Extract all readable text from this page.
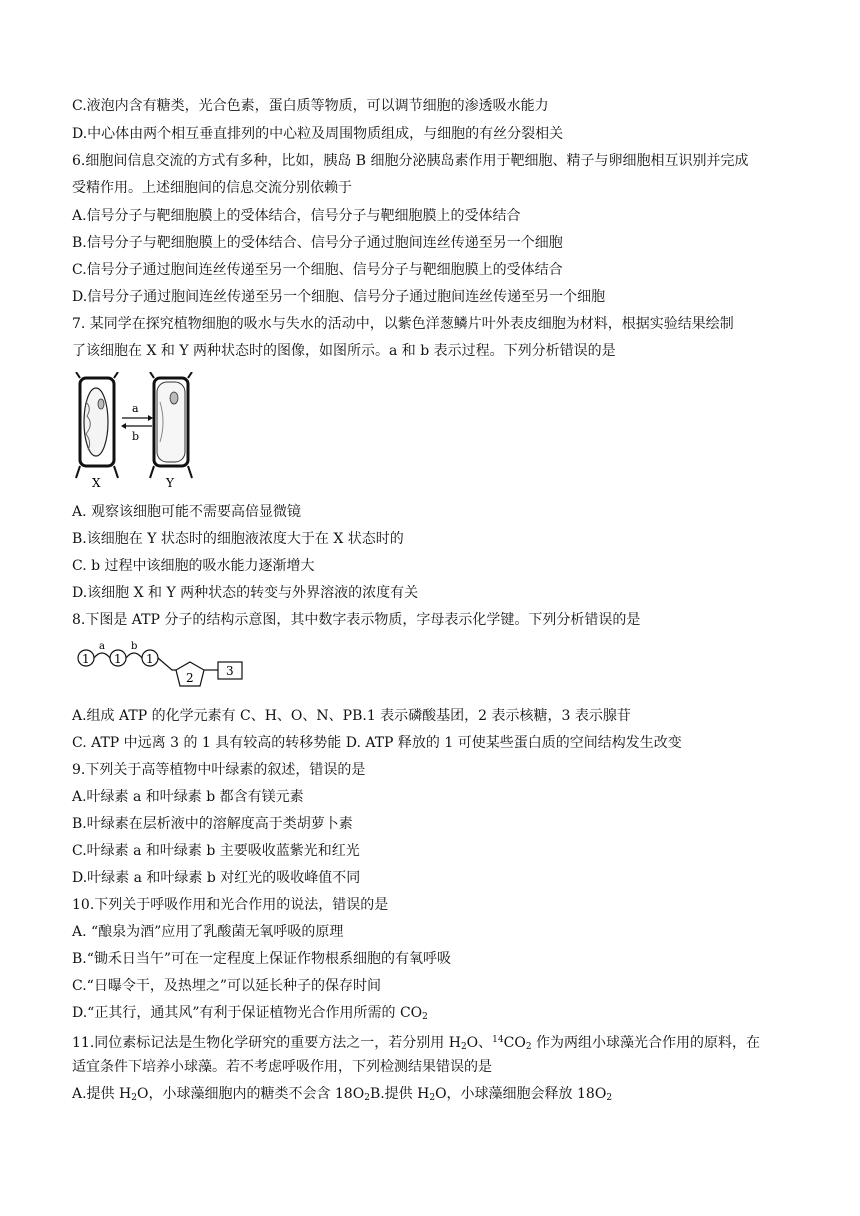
C.液泡内含有糖类，光合色素，蛋白质等物质，可以调节细胞的渗透吸水能力
D.中心体由两个相互垂直排列的中心粒及周围物质组成，与细胞的有丝分裂相关
6.细胞间信息交流的方式有多种，比如，胰岛 B 细胞分泌胰岛素作用于靶细胞、精子与卵细胞相互识别并完成
受精作用。上述细胞间的信息交流分别依赖于
A.信号分子与靶细胞膜上的受体结合，信号分子与靶细胞膜上的受体结合
B.信号分子与靶细胞膜上的受体结合、信号分子通过胞间连丝传递至另一个细胞
C.信号分子通过胞间连丝传递至另一个细胞、信号分子与靶细胞膜上的受体结合
D.信号分子通过胞间连丝传递至另一个细胞、信号分子通过胞间连丝传递至另一个细胞
7. 某同学在探究植物细胞的吸水与失水的活动中，以紫色洋葱鳞片叶外表皮细胞为材料，根据实验结果绘制
了该细胞在 X 和 Y 两种状态时的图像，如图所示。a 和 b 表示过程。下列分析错误的是
a
b
X	Y
A. 观察该细胞可能不需要高倍显微镜
B.该细胞在 Y 状态时的细胞液浓度大于在 X 状态时的
C. b 过程中该细胞的吸水能力逐渐增大
D.该细胞 X 和 Y 两种状态的转变与外界溶液的浓度有关
8.下图是 ATP 分子的结构示意图，其中数字表示物质，字母表示化学键。下列分析错误的是
1
a
1
b
1
2	3
A.组成 ATP 的化学元素有 C、H、O、N、PB.1 表示磷酸基团，2 表示核糖，3 表示腺苷
C. ATP 中远离 3 的 1 具有较高的转移势能 D. ATP 释放的 1 可使某些蛋白质的空间结构发生改变
9.下列关于高等植物中叶绿素的叙述，错误的是
A.叶绿素 a 和叶绿素 b 都含有镁元素
B.叶绿素在层析液中的溶解度高于类胡萝卜素
C.叶绿素 a 和叶绿素 b 主要吸收蓝紫光和红光
D.叶绿素 a 和叶绿素 b 对红光的吸收峰值不同
10.下列关于呼吸作用和光合作用的说法，错误的是
A. “酿泉为酒”应用了乳酸菌无氧呼吸的原理
B.“锄禾日当午”可在一定程度上保证作物根系细胞的有氧呼吸
C.“日曝令干，及热埋之”可以延长种子的保存时间
D.“正其行，通其风”有利于保证植物光合作用所需的 $CO_2$
11.同位素标记法是生物化学研究的重要方法之一，若分别用 $H_2O$、$^{14}CO_2$ 作为两组小球藻光合作用的原料，在
适宜条件下培养小球藻。若不考虑呼吸作用，下列检测结果错误的是
A.提供 $H_2O$，小球藻细胞内的糖类不会含 $18O_2B$.提供 $H_2O$，小球藻细胞会释放 $18O_2$
